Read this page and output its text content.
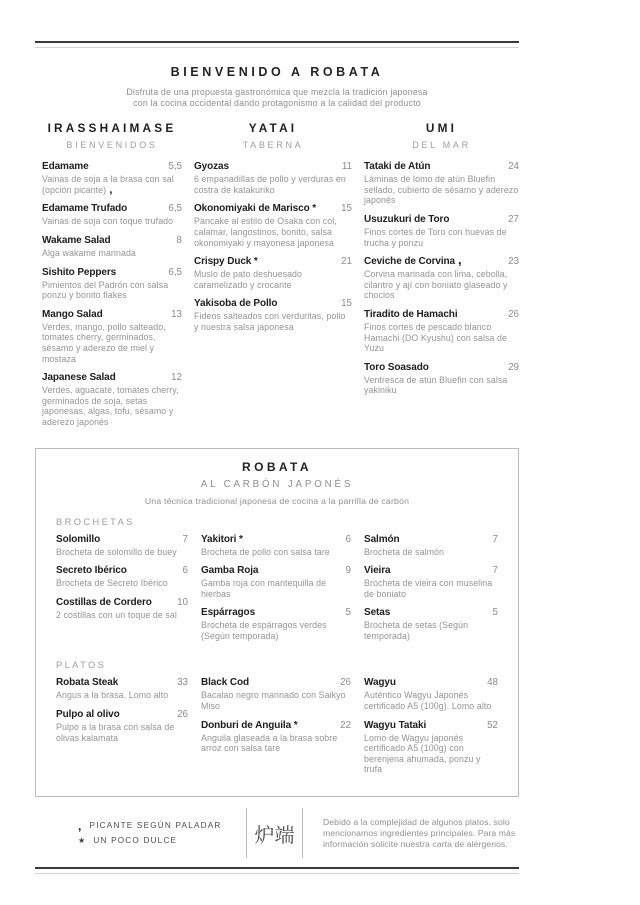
BIENVENIDO A ROBATA
Disfruta de una propuesta gastronómica que mezcla la tradición japonesa
con la cocina occidental dando protagonismo a la calidad del producto
IRASSHAIMASE
BIENVENIDOS
Edamame	5,5
Vainas de soja a la brasa con sal (opción picante) ,
Edamame Trufado	6,5
Vainas de soja con toque trufado
Wakame Salad	8
Alga wakame marinada
Sishito Peppers	6,5
Pimientos del Padrón con salsa ponzu y bonito flakes
Mango Salad	13
Verdes, mango, pollo salteado, tomates cherry, germinados, sésamo y aderezo de miel y mostaza
Japanese Salad	12
Verdes, aguacate, tomates cherry, germinados de soja, setas japonesas, algas, tofu, sésamo y aderezo japonés
YATAI
TABERNA
Gyozas	11
6 empanadillas de pollo y verduras en costra de katakuriko
Okonomiyaki de Marisco *	15
Pancake al estilo de Osaka con col, calamar, langostinos, bonito, salsa okonomiyaki y mayonesa japonesa
Crispy Duck *	21
Muslo de pato deshuesado caramelizado y crocante
Yakisoba de Pollo	15
Fideos salteados con verduritas, pollo y nuestra salsa japonesa
UMI
DEL MAR
Tataki de Atún	24
Láminas de lomo de atún Bluefin sellado, cubierto de sésamo y aderezo japonés
Usuzukuri de Toro	27
Finos cortes de Toro con huevas de trucha y ponzu
Ceviche de Corvina ,	23
Corvina marinada con lima, cebolla, cilantro y ají con boniato glaseado y choclos
Tiradito de Hamachi	26
Finos cortes de pescado blanco Hamachi (DO Kyushu) con salsa de Yuzu
Toro Soasado	29
Ventresca de atún Bluefin con salsa yakiniku
ROBATA
AL CARBÓN JAPONÉS
Una técnica tradicional japonesa de cocina a la parrilla de carbón
BROCHETAS
Solomillo	7
Brocheta de solomillo de buey
Secreto Ibérico	6
Brocheta de Secreto Ibérico
Costillas de Cordero	10
2 costillas con un toque de sal
Yakitori *	6
Brocheta de pollo con salsa tare
Gamba Roja	9
Gamba roja con mantequilla de hierbas
Espárragos	5
Brocheta de espárragos verdes (Según temporada)
Salmón	7
Brocheta de salmón
Vieira	7
Brocheta de vieira con muselina de boniato
Setas	5
Brocheta de setas (Según temporada)
PLATOS
Robata Steak	33
Angus a la brasa. Lomo alto
Pulpo al olivo	26
Pulpo a la brasa con salsa de olivas kalamata
Black Cod	26
Bacalao negro marinado con Saikyo Miso
Donburi de Anguila *	22
Anguila glaseada a la brasa sobre arroz con salsa tare
Wagyu	48
Auténtico Wagyu Japonés certificado A5 (100g). Lomo alto
Wagyu Tataki	52
Lomo de Wagyu japonés certificado A5 (100g) con berenjena ahumada, ponzu y trufa
, PICANTE SEGÚN PALADAR
★ UN POCO DULCE	炉端
Debido a la complejidad de algunos platos, solo mencionamos ingredientes principales. Para más información solicite nuestra carta de alérgenos.
